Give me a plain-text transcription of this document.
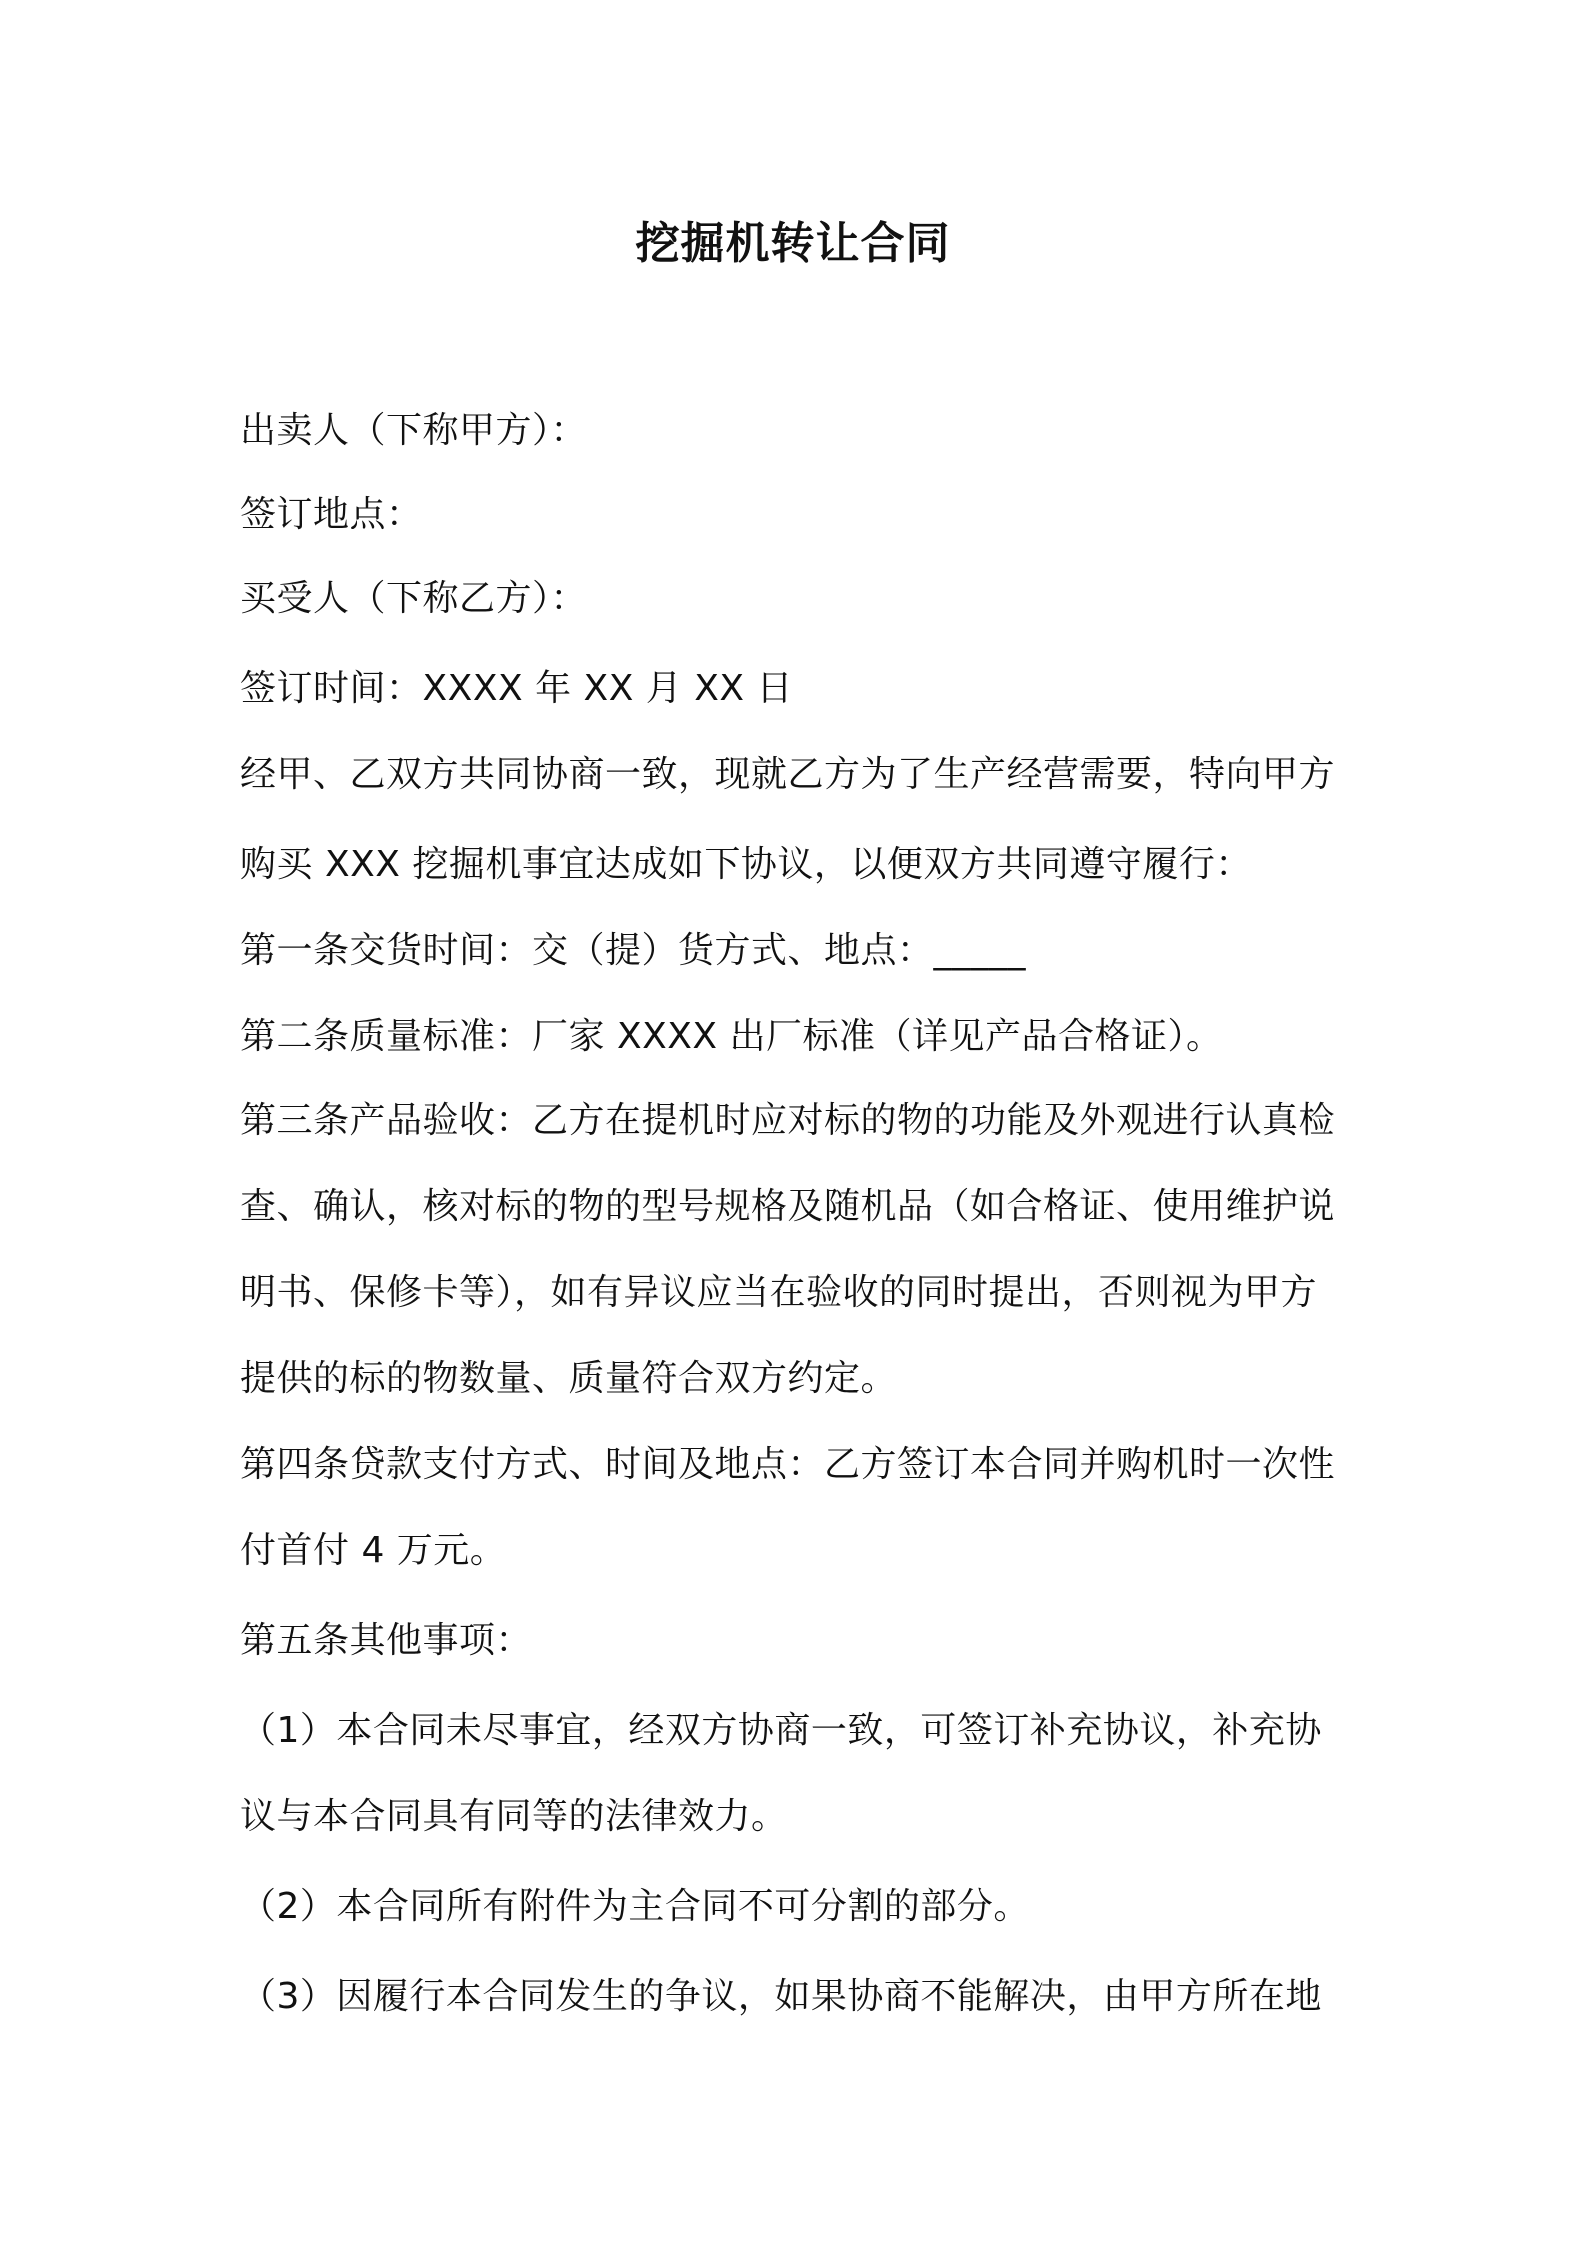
挖掘机转让合同
出卖人（下称甲方）：
签订地点：
买受人（下称乙方）：
签订时间：XXXX 年 XX 月 XX 日
经甲、乙双方共同协商一致，现就乙方为了生产经营需要，特向甲方
购买 XXX 挖掘机事宜达成如下协议，以便双方共同遵守履行：
第一条交货时间：交（提）货方式、地点：_____
第二条质量标准：厂家 XXXX 出厂标准（详见产品合格证）。
第三条产品验收：乙方在提机时应对标的物的功能及外观进行认真检
查、确认，核对标的物的型号规格及随机品（如合格证、使用维护说
明书、保修卡等），如有异议应当在验收的同时提出，否则视为甲方
提供的标的物数量、质量符合双方约定。
第四条贷款支付方式、时间及地点：乙方签订本合同并购机时一次性
付首付 4 万元。
第五条其他事项：
（1）本合同未尽事宜，经双方协商一致，可签订补充协议，补充协
议与本合同具有同等的法律效力。
（2）本合同所有附件为主合同不可分割的部分。
（3）因履行本合同发生的争议，如果协商不能解决，由甲方所在地
